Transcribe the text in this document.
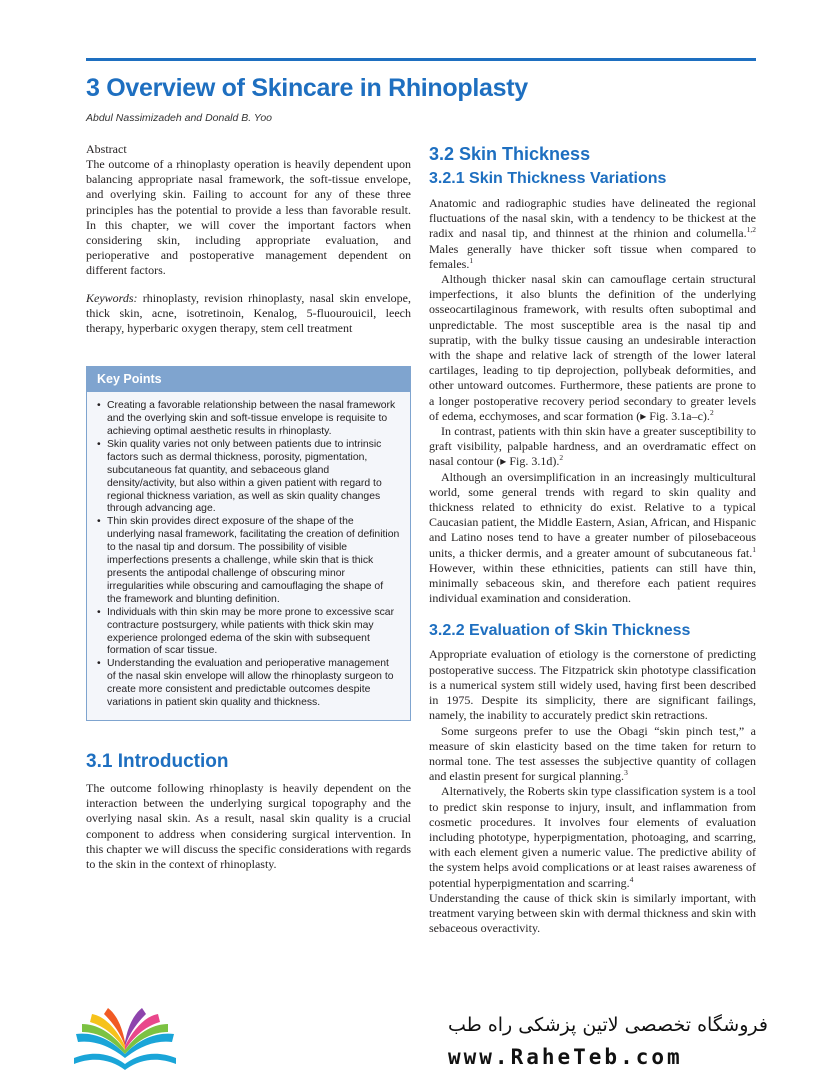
3 Overview of Skincare in Rhinoplasty
Abdul Nassimizadeh and Donald B. Yoo
Abstract

The outcome of a rhinoplasty operation is heavily dependent upon balancing appropriate nasal framework, the soft-tissue envelope, and overlying skin. Failing to account for any of these three principles has the potential to provide a less than favorable result. In this chapter, we will cover the important factors when considering skin, including appropriate evaluation, and perioperative and postoperative management dependent on different factors.

Keywords: rhinoplasty, revision rhinoplasty, nasal skin envelope, thick skin, acne, isotretinoin, Kenalog, 5-fluourouicil, leech therapy, hyperbaric oxygen therapy, stem cell treatment

Key Points
• Creating a favorable relationship between the nasal framework and the overlying skin and soft-tissue envelope is requisite to achieving optimal aesthetic results in rhinoplasty.
• Skin quality varies not only between patients due to intrinsic factors such as dermal thickness, porosity, pigmentation, subcutaneous fat quantity, and sebaceous gland density/activity, but also within a given patient with regard to regional thickness variation, as well as skin quality changes through advancing age.
• Thin skin provides direct exposure of the shape of the underlying nasal framework, facilitating the creation of definition to the nasal tip and dorsum. The possibility of visible imperfections presents a challenge, while skin that is thick presents the antipodal challenge of obscuring minor irregularities while obscuring and camouflaging the shape of the framework and blunting definition.
• Individuals with thin skin may be more prone to excessive scar contracture postsurgery, while patients with thick skin may experience prolonged edema of the skin with subsequent formation of scar tissue.
• Understanding the evaluation and perioperative management of the nasal skin envelope will allow the rhinoplasty surgeon to create more consistent and predictable outcomes despite variations in patient skin quality and thickness.
3.1 Introduction

The outcome following rhinoplasty is heavily dependent on the interaction between the underlying surgical topography and the overlying nasal skin. As a result, nasal skin quality is a crucial component to address when considering surgical intervention. In this chapter we will discuss the specific considerations with regards to the skin in the context of rhinoplasty.

3.2 Skin Thickness
3.2.1 Skin Thickness Variations

Anatomic and radiographic studies have delineated the regional fluctuations of the nasal skin, with a tendency to be thickest at the radix and nasal tip, and thinnest at the rhinion and columella.$^{1,2}$ Males generally have thicker soft tissue when compared to females.$^1$

Although thicker nasal skin can camouflage certain structural imperfections, it also blunts the definition of the underlying osseocartilaginous framework, with results often suboptimal and unpredictable. The most susceptible area is the nasal tip and supratip, with the bulky tissue causing an undesirable interaction with the shape and relative lack of strength of the lower lateral cartilages, leading to tip deprojection, pollybeak deformities, and other untoward outcomes. Furthermore, these patients are prone to a longer postoperative recovery period secondary to greater levels of edema, ecchymoses, and scar formation (▸ Fig. 3.1a–c).$^2$

In contrast, patients with thin skin have a greater susceptibility to graft visibility, palpable hardness, and an overdramatic effect on nasal contour (▸ Fig. 3.1d).$^2$

Although an oversimplification in an increasingly multicultural world, some general trends with regard to skin quality and thickness related to ethnicity do exist. Relative to a typical Caucasian patient, the Middle Eastern, Asian, African, and Hispanic and Latino noses tend to have a greater number of pilosebaceous units, a thicker dermis, and a greater amount of subcutaneous fat.$^1$ However, within these ethnicities, patients can still have thin, minimally sebaceous skin, and therefore each patient requires individual examination and consideration.

3.2.2 Evaluation of Skin Thickness

Appropriate evaluation of etiology is the cornerstone of predicting postoperative success. The Fitzpatrick skin phototype classification is a numerical system still widely used, having first been described in 1975. Despite its simplicity, there are significant failings, namely, the inability to accurately predict skin retractions.

Some surgeons prefer to use the Obagi “skin pinch test,” a measure of skin elasticity based on the time taken for return to normal tone. The test assesses the subjective quantity of collagen and elastin present for surgical planning.$^3$

Alternatively, the Roberts skin type classification system is a tool to predict skin response to injury, insult, and inflammation from cosmetic procedures. It involves four elements of evaluation including phototype, hyperpigmentation, photoaging, and scarring, with each element given a numeric value. The predictive ability of the system helps avoid complications or at least raises awareness of potential hyperpigmentation and scarring.$^4$

Understanding the cause of thick skin is similarly important, with treatment varying between skin with dermal thickness and skin with sebaceous overactivity.

فروشگاه تخصصی لاتین پزشکی راه طب
www.RaheTeb.com
